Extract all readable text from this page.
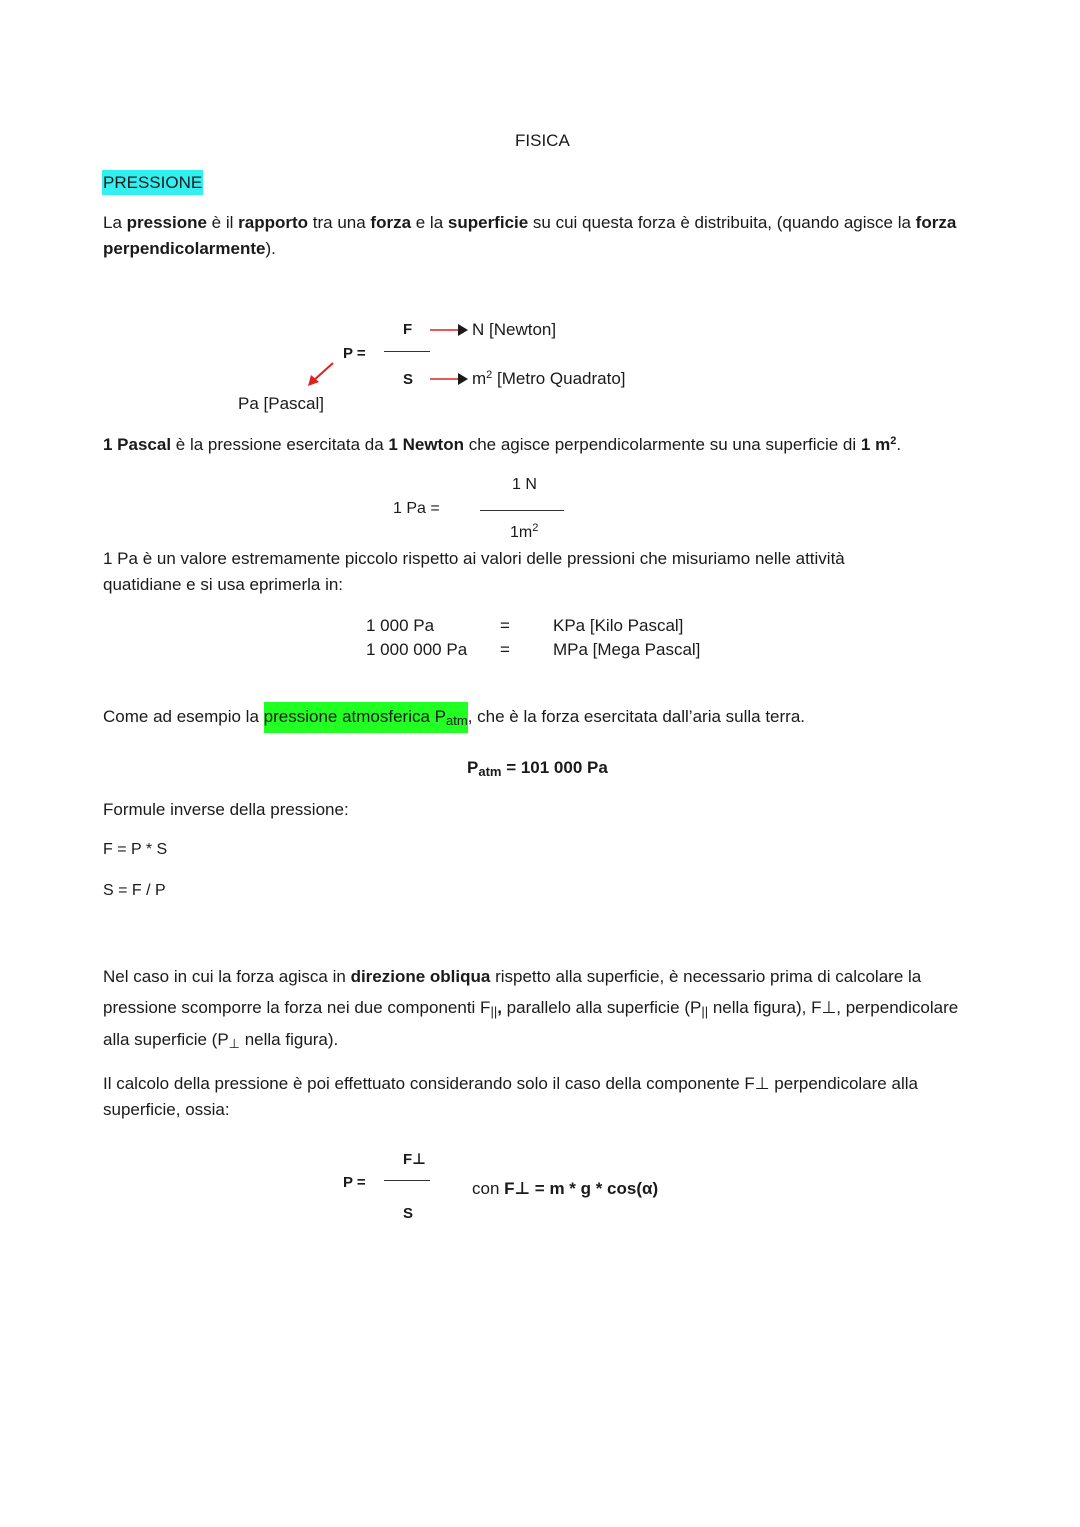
FISICA
PRESSIONE
La pressione è il rapporto tra una forza e la superficie su cui questa forza è distribuita, (quando agisce la forza perpendicolarmente).
P =
F
S
N [Newton]
$m^2$ [Metro Quadrato]
Pa [Pascal]
1 Pascal è la pressione esercitata da 1 Newton che agisce perpendicolarmente su una superficie di 1 $m^2$.
1 Pa =
1 N
$1m^2$
1 Pa è un valore estremamente piccolo rispetto ai valori delle pressioni che misuriamo nelle attività quatidiane e si usa eprimerla in:
1 000 Pa	=	KPa [Kilo Pascal]
1 000 000 Pa =	MPa [Mega Pascal]
Come ad esempio la pressione atmosferica Patm, che è la forza esercitata dall’aria sulla terra.
Patm = 101 000 Pa
Formule inverse della pressione:
F = P * S
S = F / P
Nel caso in cui la forza agisca in direzione obliqua rispetto alla superficie, è necessario prima di calcolare la pressione scomporre la forza nei due componenti F||, parallelo alla superficie (P|| nella figura), F⊥, perpendicolare alla superficie (P⊥ nella figura).
Il calcolo della pressione è poi effettuato considerando solo il caso della componente F⊥ perpendicolare alla superficie, ossia:
P =
F⊥
S
con F⊥ = m * g * cos(α)
